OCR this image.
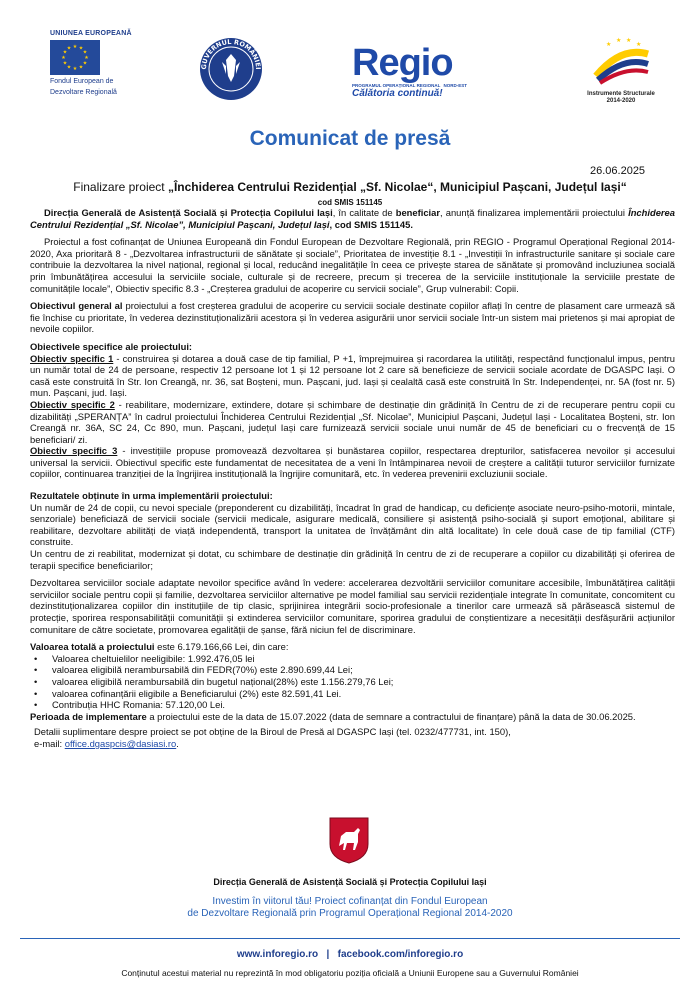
UNIUNEA EUROPEANĂ
★ ★
★
★
★
★
★
★
★
★
★
★
Fondul European de
Dezvoltare Regională
GUVERNUL ROMÂNIEI Regio
PROGRAMUL OPERAȚIONAL REGIONAL NORD-EST
Călătoria continuă!
★
★ ★
★
Instrumente Structurale
2014-2020
Comunicat de presă
26.06.2025
Finalizare proiect „Închiderea Centrului Rezidențial „Sf. Nicolae“, Municipiul Pașcani, Județul Iași“
cod SMIS 151145

Direcția Generală de Asistență Socială și Protecția Copilului Iași, în calitate de beneficiar, anunță finalizarea implementării proiectului Închiderea Centrului Rezidențial „Sf. Nicolae”, Municipiul Pașcani, Județul Iași, cod SMIS 151145.

Proiectul a fost cofinanțat de Uniunea Europeană din Fondul European de Dezvoltare Regională, prin REGIO - Programul Operațional Regional 2014-2020, Axa prioritară 8 - „Dezvoltarea infrastructurii de sănătate și sociale”, Prioritatea de investiție 8.1 - „Investiții în infrastructurile sanitare și sociale care contribuie la dezvoltarea la nivel național, regional și local, reducând inegalitățile în ceea ce privește starea de sănătate și promovând incluziunea socială prin îmbunătățirea accesului la serviciile sociale, culturale și de recreere, precum și trecerea de la serviciile instituționale la serviciile prestate de comunitățile locale”, Obiectiv specific 8.3 - „Creșterea gradului de acoperire cu servicii sociale”, Grup vulnerabil: Copii.

Obiectivul general al proiectului a fost creșterea gradului de acoperire cu servicii sociale destinate copiilor aflați în centre de plasament care urmează să fie închise cu prioritate, în vederea dezinstituționalizării acestora și în vederea asigurării unor servicii sociale într-un sistem mai prietenos și mai apropiat de nevoile copiilor.

Obiectivele specifice ale proiectului:

Obiectiv specific 1 - construirea și dotarea a două case de tip familial, P +1, împrejmuirea și racordarea la utilități, respectând funcționalul impus, pentru un număr total de 24 de persoane, respectiv 12 persoane lot 1 și 12 persoane lot 2 care să beneficieze de servicii sociale acordate de DGASPC Iași. O casă este construită în Str. Ion Creangă, nr. 36, sat Boșteni, mun. Pașcani, jud. Iași și cealaltă casă este construită în Str. Independenței, nr. 5A (fost nr. 5) mun. Pașcani, jud. Iași.

Obiectiv specific 2 - reabilitare, modernizare, extindere, dotare și schimbare de destinație din grădiniță în Centru de zi de recuperare pentru copii cu dizabilități „SPERANȚA” în cadrul proiectului Închiderea Centrului Rezidențial „Sf. Nicolae”, Municipiul Pașcani, Județul Iași - Localitatea Boșteni, str. Ion Creangă nr. 36A, SC 24, Cc 890, mun. Pașcani, județul Iași care furnizează servicii sociale unui număr de 45 de beneficiari cu o frecvență de 15 beneficiari/ zi.

Obiectiv specific 3 - investițiile propuse promovează dezvoltarea și bunăstarea copiilor, respectarea drepturilor, satisfacerea nevoilor și accesului universal la servicii. Obiectivul specific este fundamentat de necesitatea de a veni în întâmpinarea nevoii de creștere a calității tuturor serviciilor furnizate copiilor, continuarea tranziției de la îngrijirea instituțională la îngrijire comunitară, etc. în vederea prevenirii excluziunii sociale.

Rezultatele obținute în urma implementării proiectului:

Un număr de 24 de copii, cu nevoi speciale (preponderent cu dizabilități, încadrat în grad de handicap, cu deficiențe asociate neuro-psiho-motorii, mintale, senzoriale) beneficiază de servicii sociale (servicii medicale, asigurare medicală, consiliere și asistență psiho-socială și suport emoțional, abilitare și reabilitare, dezvoltare abilități de viață independentă, transport la unitatea de învățământ din altă localitate) în cele două case de tip familial (CTF) construite.

Un centru de zi reabilitat, modernizat și dotat, cu schimbare de destinație din grădiniță în centru de zi de recuperare a copiilor cu dizabilități și oferirea de terapii specifice beneficiarilor;

Dezvoltarea serviciilor sociale adaptate nevoilor specifice având în vedere: accelerarea dezvoltării serviciilor comunitare accesibile, îmbunătățirea calității serviciilor sociale pentru copii și familie, dezvoltarea serviciilor alternative pe model familial sau servicii rezidențiale integrate în comunitate, concomitent cu dezinstituționalizarea copiilor din instituțiile de tip clasic, sprijinirea integrării socio-profesionale a tinerilor care urmează să părăsească sistemul de protecție, sporirea responsabilității comunității și extinderea serviciilor comunitare, sporirea gradului de conștientizare a necesității desfășurării acțiunilor comunitare de către societate, promovarea egalității de șanse, fără niciun fel de discriminare.

Valoarea totală a proiectului este 6.179.166,66 Lei, din care:

• Valoarea cheltuielilor neeligibile: 1.992.476,05 lei
• valoarea eligibilă nerambursabilă din FEDR(70%) este 2.890.699,44 Lei;
• valoarea eligibilă nerambursabilă din bugetul național(28%) este 1.156.279,76 Lei;
• valoarea cofinanțării eligibile a Beneficiarului (2%) este 82.591,41 Lei.
• Contribuția HHC Romania: 57.120,00 Lei.

Perioada de implementare a proiectului este de la data de 15.07.2022 (data de semnare a contractului de finanțare) până la data de 30.06.2025.

Detalii suplimentare despre proiect se pot obține de la Biroul de Presă al DGASPC Iași (tel. 0232/477731, int. 150),

e-mail: office.dgaspcis@dasiasi.ro.

Direcția Generală de Asistență Socială și Protecția Copilului Iași
Investim în viitorul tău! Proiect cofinanțat din Fondul European
de Dezvoltare Regională prin Programul Operațional Regional 2014-2020
www.inforegio.ro | facebook.com/inforegio.ro
Conținutul acestui material nu reprezintă în mod obligatoriu poziția oficială a Uniunii Europene sau a Guvernului României
